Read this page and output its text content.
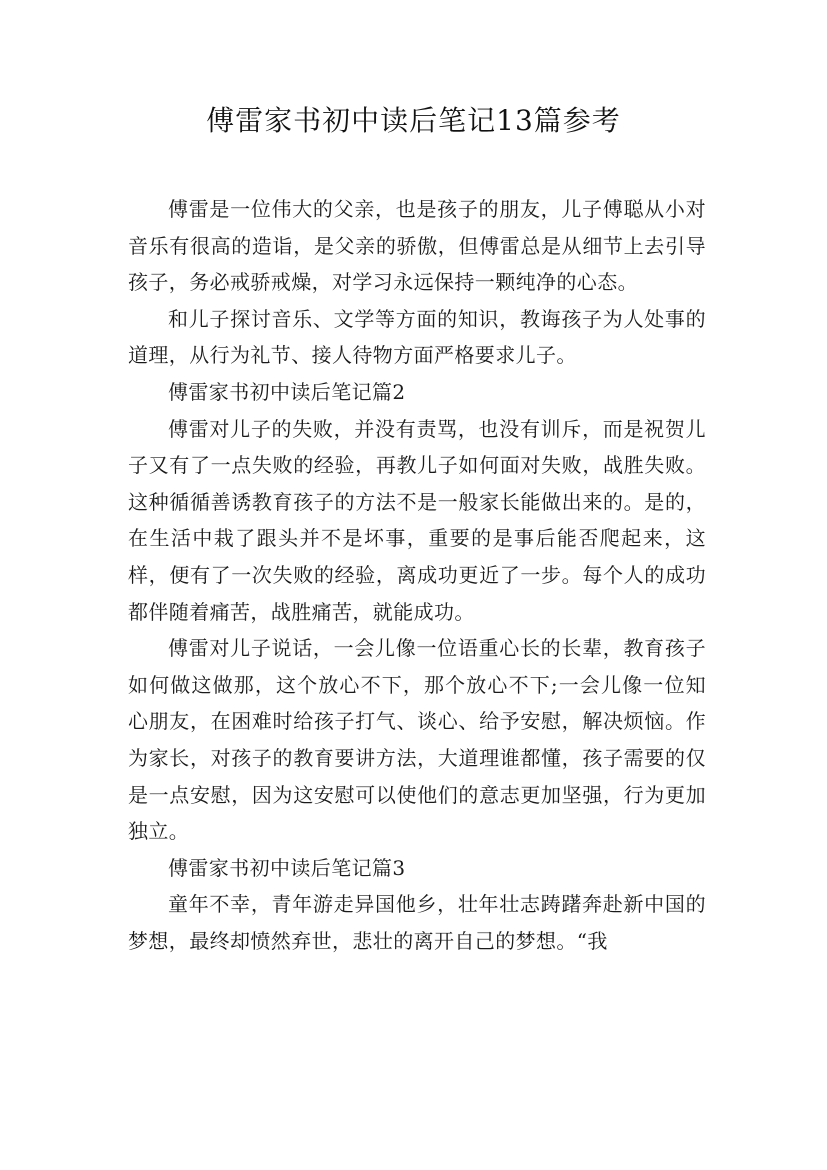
傅雷家书初中读后笔记13篇参考

傅雷是一位伟大的父亲，也是孩子的朋友，儿子傅聪从小对音乐有很高的造诣，是父亲的骄傲，但傅雷总是从细节上去引导孩子，务必戒骄戒燥，对学习永远保持一颗纯净的心态。

和儿子探讨音乐、文学等方面的知识，教诲孩子为人处事的道理，从行为礼节、接人待物方面严格要求儿子。

傅雷家书初中读后笔记篇2

傅雷对儿子的失败，并没有责骂，也没有训斥，而是祝贺儿子又有了一点失败的经验，再教儿子如何面对失败，战胜失败。这种循循善诱教育孩子的方法不是一般家长能做出来的。是的，在生活中栽了跟头并不是坏事，重要的是事后能否爬起来，这样，便有了一次失败的经验，离成功更近了一步。每个人的成功都伴随着痛苦，战胜痛苦，就能成功。

傅雷对儿子说话，一会儿像一位语重心长的长辈，教育孩子如何做这做那，这个放心不下，那个放心不下;一会儿像一位知心朋友，在困难时给孩子打气、谈心、给予安慰，解决烦恼。作为家长，对孩子的教育要讲方法，大道理谁都懂，孩子需要的仅是一点安慰，因为这安慰可以使他们的意志更加坚强，行为更加独立。

傅雷家书初中读后笔记篇3

童年不幸，青年游走异国他乡，壮年壮志踌躇奔赴新中国的梦想，最终却愤然弃世，悲壮的离开自己的梦想。“我
